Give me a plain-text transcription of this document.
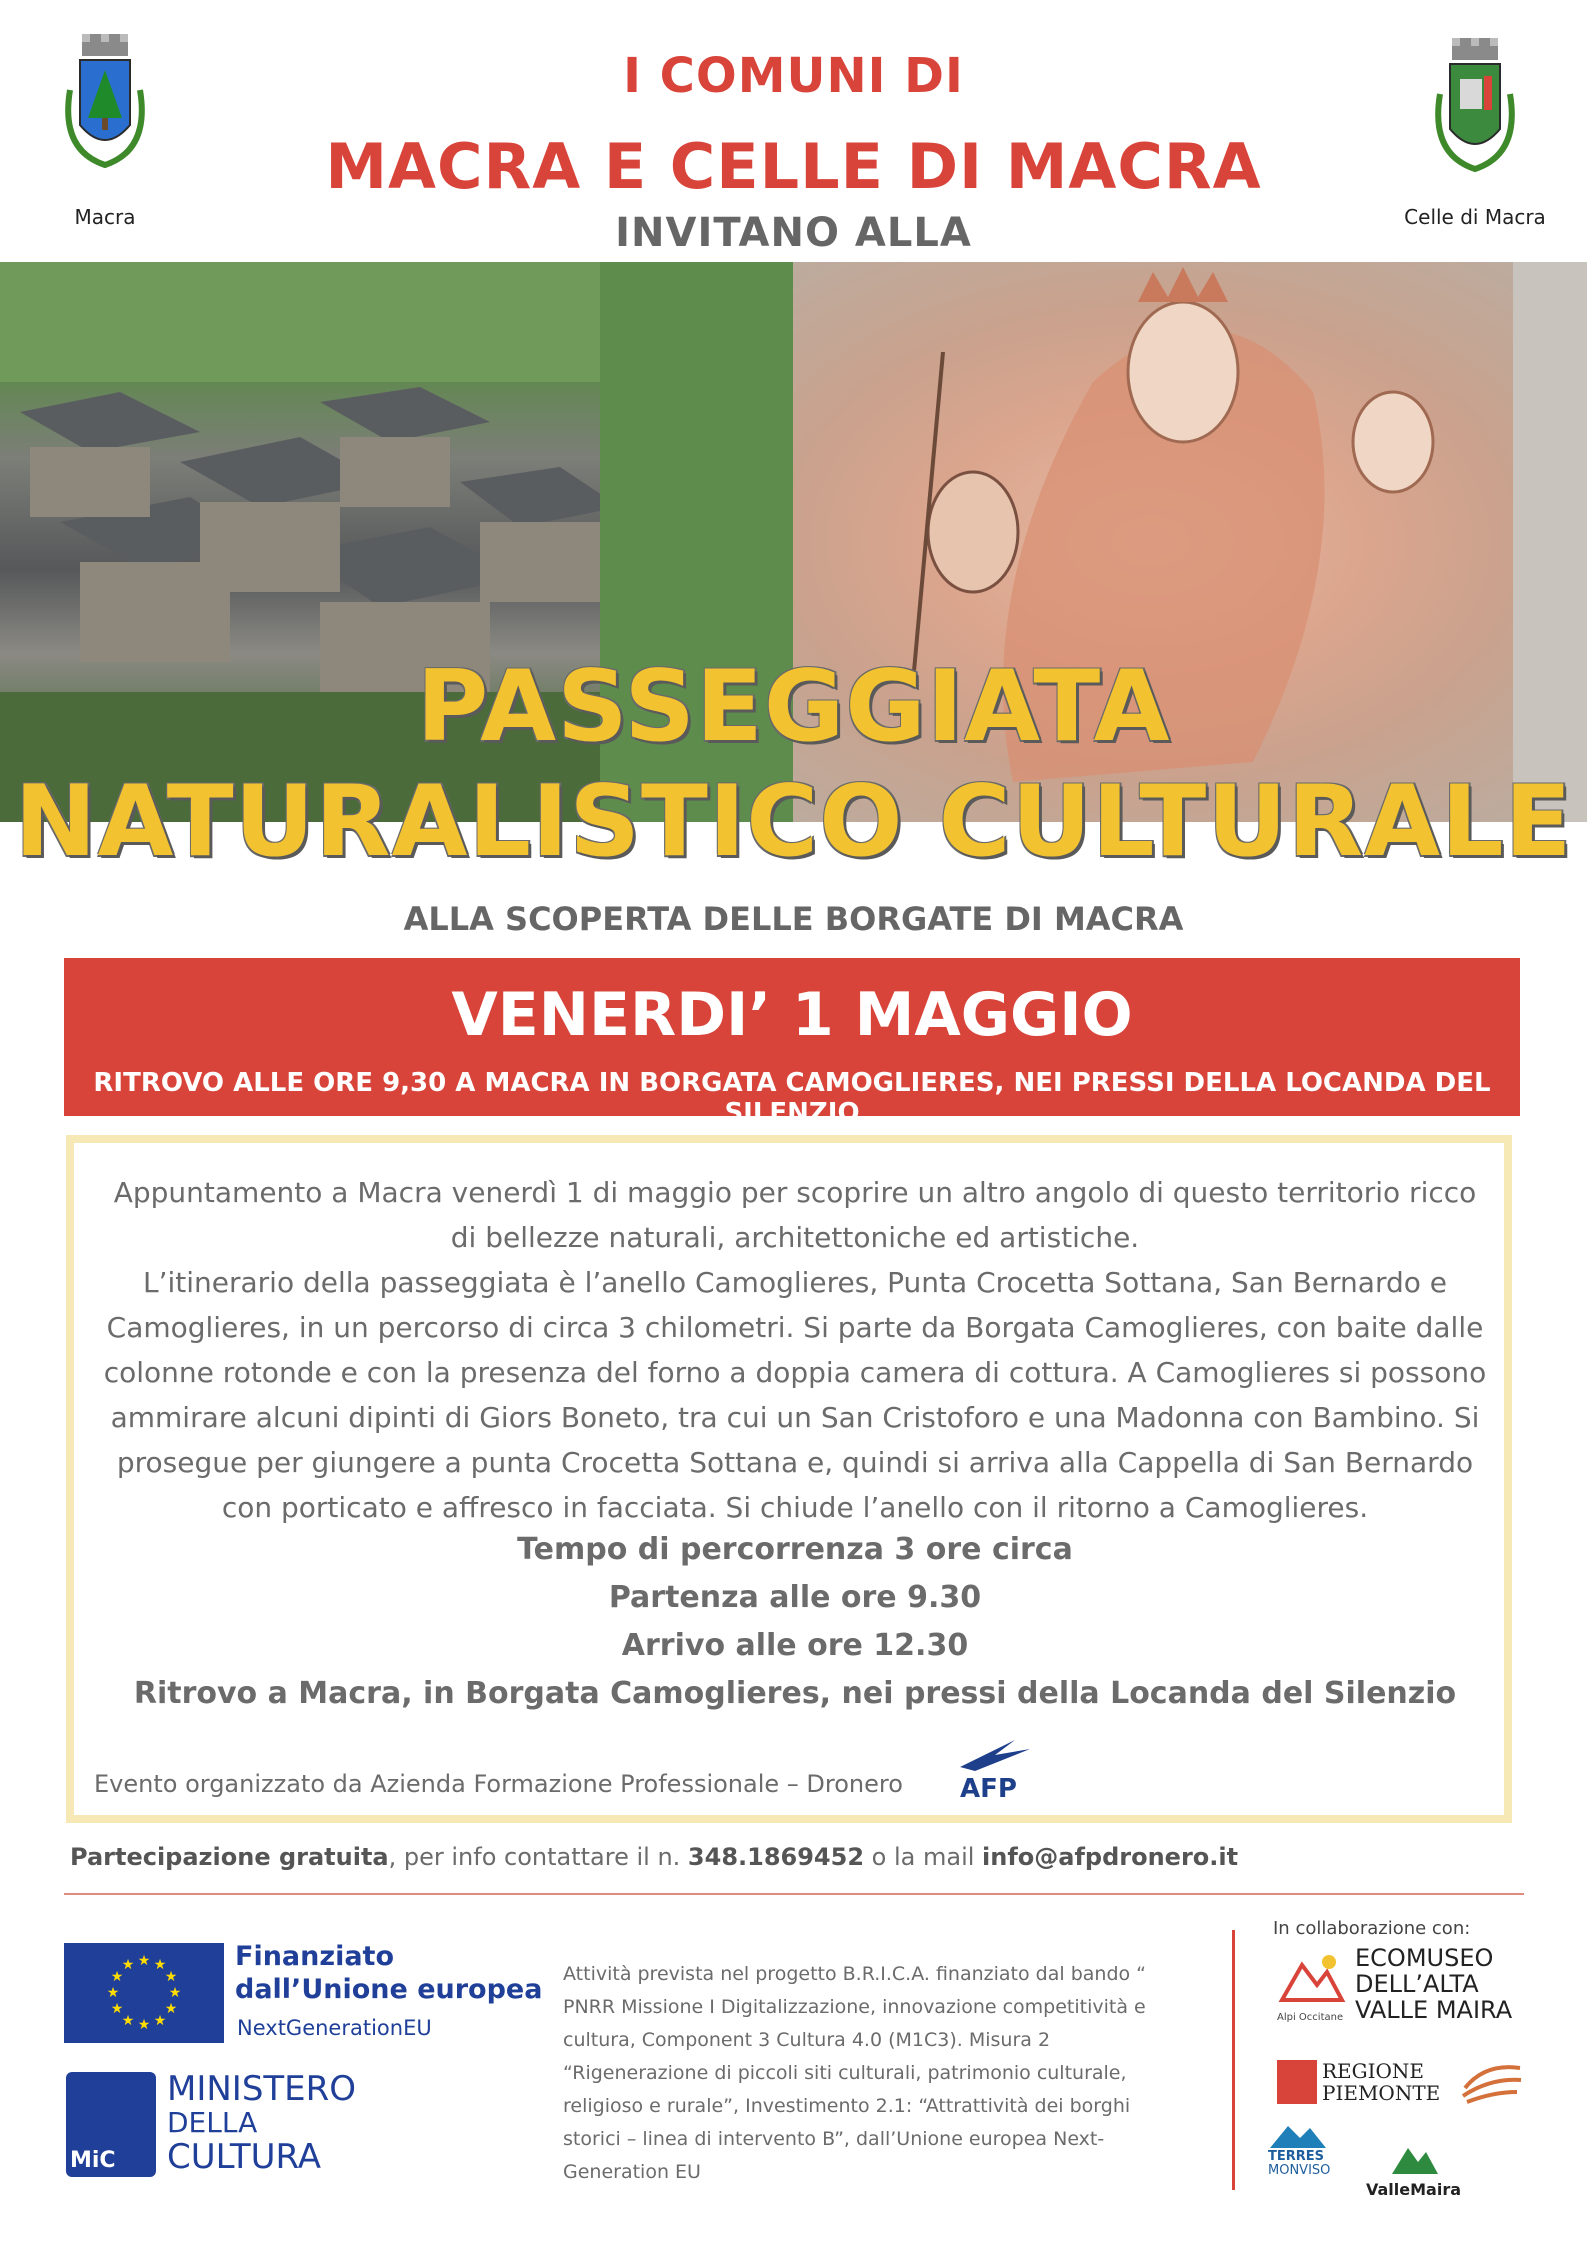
Macra	Celle di Macra
I COMUNI DI
MACRA E CELLE DI MACRA
INVITANO ALLA
PASSEGGIATA
NATURALISTICO CULTURALE
ALLA SCOPERTA DELLE BORGATE DI MACRA
VENERDI’ 1 MAGGIO
RITROVO ALLE ORE 9,30 A MACRA IN BORGATA CAMOGLIERES, NEI PRESSI DELLA LOCANDA DEL SILENZIO
Appuntamento a Macra venerdì 1 di maggio per scoprire un altro angolo di questo territorio ricco di bellezze naturali, architettoniche ed artistiche.
L’itinerario della passeggiata è l’anello Camoglieres, Punta Crocetta Sottana, San Bernardo e Camoglieres, in un percorso di circa 3 chilometri. Si parte da Borgata Camoglieres, con baite dalle colonne rotonde e con la presenza del forno a doppia camera di cottura. A Camoglieres si possono ammirare alcuni dipinti di Giors Boneto, tra cui un San Cristoforo e una Madonna con Bambino. Si prosegue per giungere a punta Crocetta Sottana e, quindi si arriva alla Cappella di San Bernardo con porticato e affresco in facciata. Si chiude l’anello con il ritorno a Camoglieres.
Tempo di percorrenza 3 ore circa
Partenza alle ore 9.30
Arrivo alle ore 12.30
Ritrovo a Macra, in Borgata Camoglieres, nei pressi della Locanda del Silenzio
Evento organizzato da Azienda Formazione Professionale – Dronero AFP
Partecipazione gratuita, per info contattare il n. 348.1869452 o la mail info@afpdronero.it
★ ★
★
★
★
★
★
★
★
★
★
★	Finanziato
dall’Unione europea
NextGenerationEU
MiC
MINISTERO
DELLA
CULTURA
Attività prevista nel progetto B.R.I.C.A. finanziato dal bando “ PNRR Missione I Digitalizzazione, innovazione competitività e cultura, Component 3 Cultura 4.0 (M1C3). Misura 2 “Rigenerazione di piccoli siti culturali, patrimonio culturale, religioso e rurale”, Investimento 2.1: “Attrattività dei borghi storici – linea di intervento B”, dall’Unione europea Next-Generation EU
In collaborazione con:
Alpi Occitane
ECOMUSEO
DELL’ALTA
VALLE MAIRA
REGIONE
PIEMONTE
TERRES
MONVISO
ValleMaira
